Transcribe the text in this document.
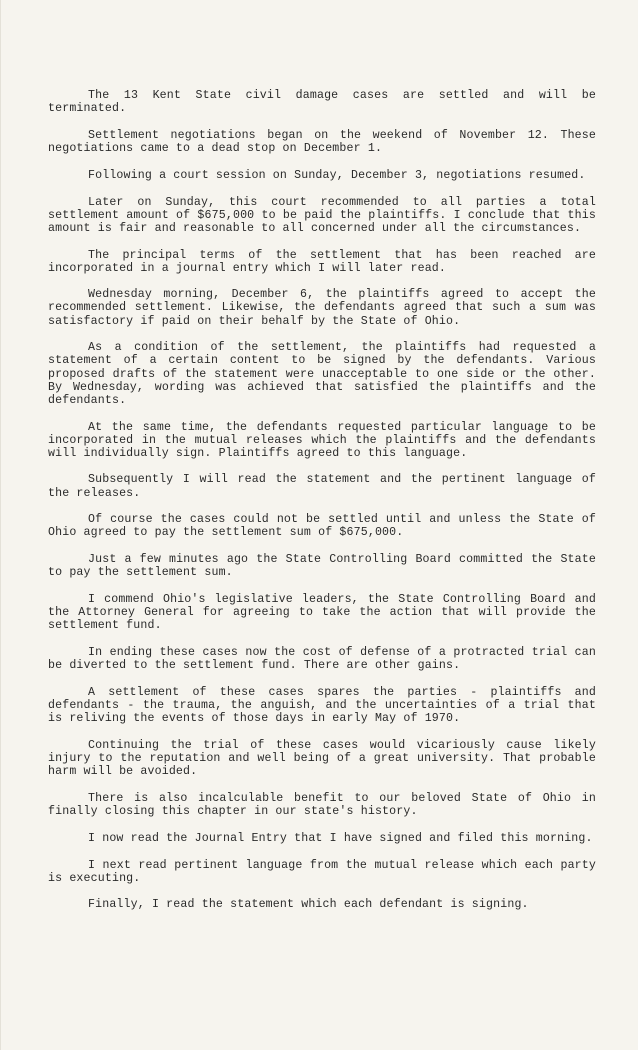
The 13 Kent State civil damage cases are settled and will be terminated.

Settlement negotiations began on the weekend of November 12. These negotiations came to a dead stop on December 1.

Following a court session on Sunday, December 3, negotiations resumed.

Later on Sunday, this court recommended to all parties a total settlement amount of $675,000 to be paid the plaintiffs. I conclude that this amount is fair and reasonable to all concerned under all the circumstances.

The principal terms of the settlement that has been reached are incorporated in a journal entry which I will later read.

Wednesday morning, December 6, the plaintiffs agreed to accept the recommended settlement. Likewise, the defendants agreed that such a sum was satisfactory if paid on their behalf by the State of Ohio.

As a condition of the settlement, the plaintiffs had requested a statement of a certain content to be signed by the defendants. Various proposed drafts of the statement were unacceptable to one side or the other. By Wednesday, wording was achieved that satisfied the plaintiffs and the defendants.

At the same time, the defendants requested particular language to be incorporated in the mutual releases which the plaintiffs and the defendants will individually sign. Plaintiffs agreed to this language.

Subsequently I will read the statement and the pertinent language of the releases.

Of course the cases could not be settled until and unless the State of Ohio agreed to pay the settlement sum of $675,000.

Just a few minutes ago the State Controlling Board committed the State to pay the settlement sum.

I commend Ohio's legislative leaders, the State Controlling Board and the Attorney General for agreeing to take the action that will provide the settlement fund.

In ending these cases now the cost of defense of a protracted trial can be diverted to the settlement fund. There are other gains.

A settlement of these cases spares the parties - plaintiffs and defendants - the trauma, the anguish, and the uncertainties of a trial that is reliving the events of those days in early May of 1970.

Continuing the trial of these cases would vicariously cause likely injury to the reputation and well being of a great university. That probable harm will be avoided.

There is also incalculable benefit to our beloved State of Ohio in finally closing this chapter in our state's history.

I now read the Journal Entry that I have signed and filed this morning.

I next read pertinent language from the mutual release which each party is executing.

Finally, I read the statement which each defendant is signing.
